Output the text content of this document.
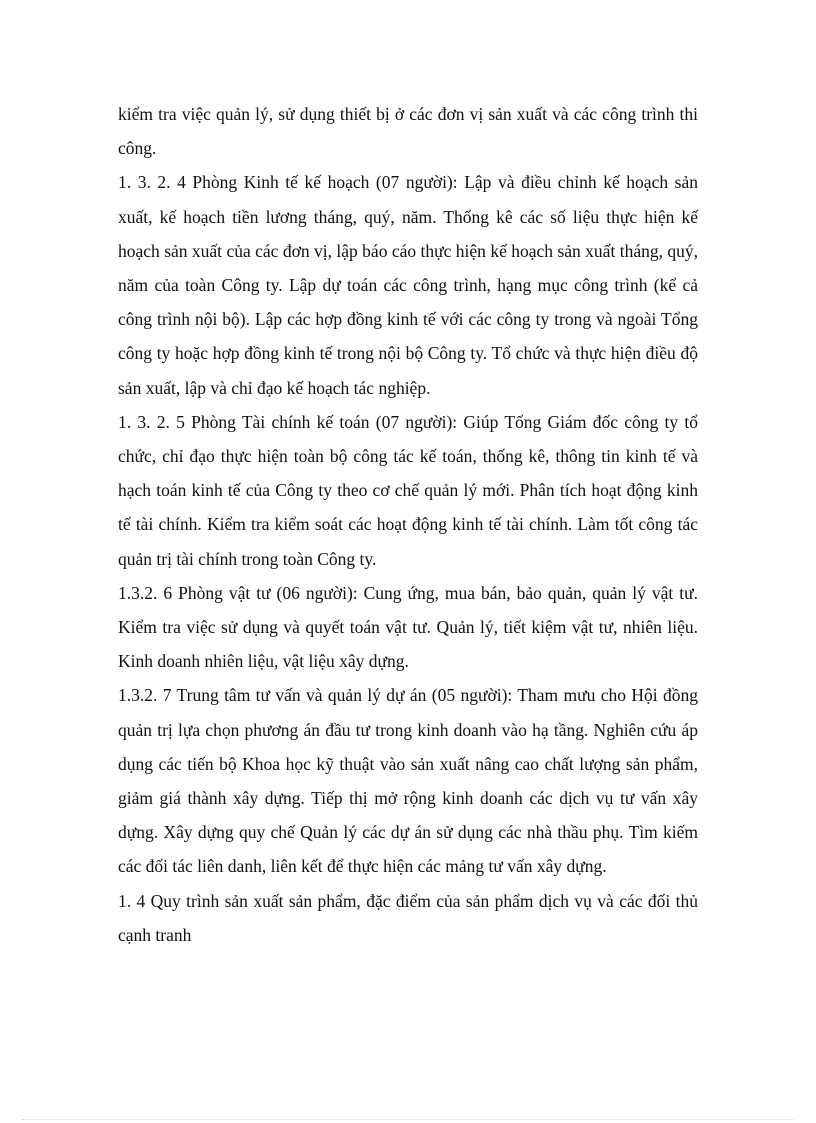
kiểm tra việc quản lý, sử dụng thiết bị ở các đơn vị sản xuất và các công trình thi công.

1. 3. 2. 4 Phòng Kinh tế kế hoạch (07 người): Lập và điều chỉnh kế hoạch sản xuất, kế hoạch tiền lương tháng, quý, năm. Thống kê các số liệu thực hiện kế hoạch sản xuất của các đơn vị, lập báo cáo thực hiện kế hoạch sản xuất tháng, quý, năm của toàn Công ty. Lập dự toán các công trình, hạng mục công trình (kể cả công trình nội bộ). Lập các hợp đồng kinh tế với các công ty trong và ngoài Tổng công ty hoặc hợp đồng kinh tế trong nội bộ Công ty. Tổ chức và thực hiện điều độ sản xuất, lập và chỉ đạo kế hoạch tác nghiệp.

1. 3. 2. 5 Phòng Tài chính kế toán (07 người): Giúp Tổng Giám đốc công ty tổ chức, chỉ đạo thực hiện toàn bộ công tác kế toán, thống kê, thông tin kinh tế và hạch toán kinh tế của Công ty theo cơ chế quản lý mới. Phân tích hoạt động kinh tế tài chính. Kiểm tra kiểm soát các hoạt động kinh tế tài chính. Làm tốt công tác quản trị tài chính trong toàn Công ty.

1.3.2. 6 Phòng vật tư (06 người): Cung ứng, mua bán, bảo quản, quản lý vật tư. Kiểm tra việc sử dụng và quyết toán vật tư. Quản lý, tiết kiệm vật tư, nhiên liệu. Kinh doanh nhiên liệu, vật liệu xây dựng.

1.3.2. 7 Trung tâm tư vấn và quản lý dự án (05 người): Tham mưu cho Hội đồng quản trị lựa chọn phương án đầu tư trong kinh doanh vào hạ tầng. Nghiên cứu áp dụng các tiến bộ Khoa học kỹ thuật vào sản xuất nâng cao chất lượng sản phẩm, giảm giá thành xây dựng. Tiếp thị mở rộng kinh doanh các dịch vụ tư vấn xây dựng. Xây dựng quy chế Quản lý các dự án sử dụng các nhà thầu phụ. Tìm kiếm các đối tác liên danh, liên kết để thực hiện các mảng tư vấn xây dựng.

1. 4 Quy trình sản xuất sản phẩm, đặc điểm của sản phẩm dịch vụ và các đối thủ cạnh tranh
